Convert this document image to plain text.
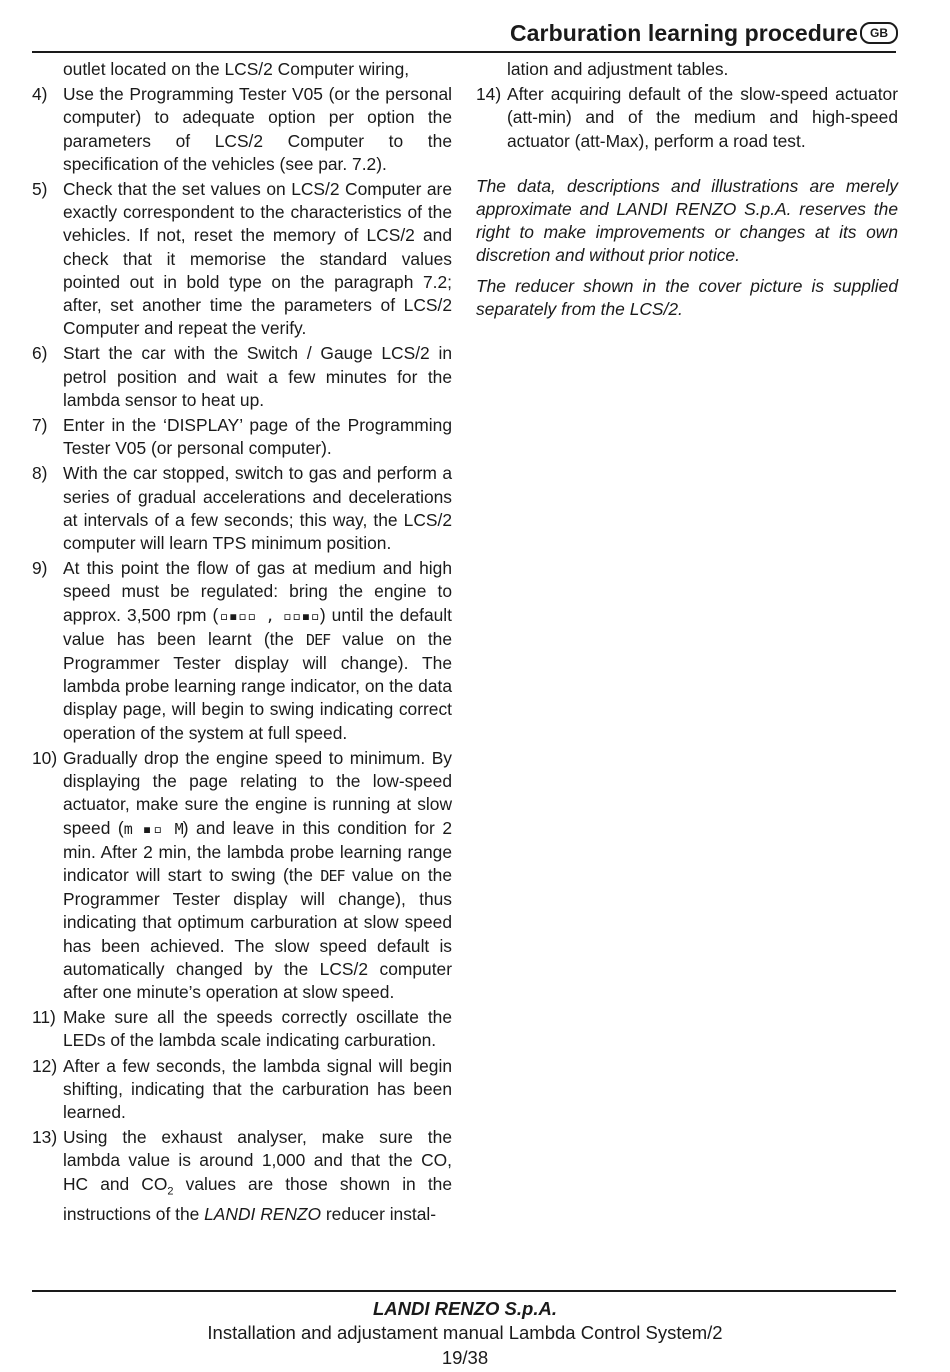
Carburation learning procedure	GB
outlet located on the LCS/2 Computer wiring,
4) Use the Programming Tester V05 (or the personal computer) to adequate option per option the parameters of LCS/2 Computer to the specification of the vehicles (see par. 7.2).
5) Check that the set values on LCS/2 Computer are exactly correspondent to the characteristics of the vehicles. If not, reset the memory of LCS/2 and check that it memorise the standard values pointed out in bold type on the paragraph 7.2; after, set another time the parameters of LCS/2 Computer and repeat the verify.
6) Start the car with the Switch / Gauge LCS/2 in petrol position and wait a few minutes for the lambda sensor to heat up.
7) Enter in the ‘DISPLAY’ page of the Programming Tester V05 (or personal computer).
8) With the car stopped, switch to gas and perform a series of gradual accelerations and decelerations at intervals of a few seconds; this way, the LCS/2 computer will learn TPS minimum position.
9) At this point the flow of gas at medium and high speed must be regulated: bring the engine to approx. 3,500 rpm (▫▪▫▫ , ▫▫▪▫) until the default value has been learnt (the DEF value on the Programmer Tester display will change). The lambda probe learning range indicator, on the data display page, will begin to swing indicating correct operation of the system at full speed.
10) Gradually drop the engine speed to minimum. By displaying the page relating to the low-speed actuator, make sure the engine is running at slow speed (m ▪▫ M) and leave in this condition for 2 min. After 2 min, the lambda probe learning range indicator will start to swing (the DEF value on the Programmer Tester display will change), thus indicating that optimum carburation at slow speed has been achieved. The slow speed default is automatically changed by the LCS/2 computer after one minute’s operation at slow speed.
11) Make sure all the speeds correctly oscillate the LEDs of the lambda scale indicating carburation.
12) After a few seconds, the lambda signal will begin shifting, indicating that the carburation has been learned.
13) Using the exhaust analyser, make sure the lambda value is around 1,000 and that the CO, HC and $CO_2$ values are those shown in the instructions of the LANDI RENZO reducer instal-
lation and adjustment tables.
14) After acquiring default of the slow-speed actuator (att-min) and of the medium and high-speed actuator (att-Max), perform a road test.
The data, descriptions and illustrations are merely approximate and LANDI RENZO S.p.A. reserves the right to make improvements or changes at its own discretion and without prior notice.
The reducer shown in the cover picture is supplied separately from the LCS/2.
LANDI RENZO S.p.A.
Installation and adjustament manual Lambda Control System/2
19/38
